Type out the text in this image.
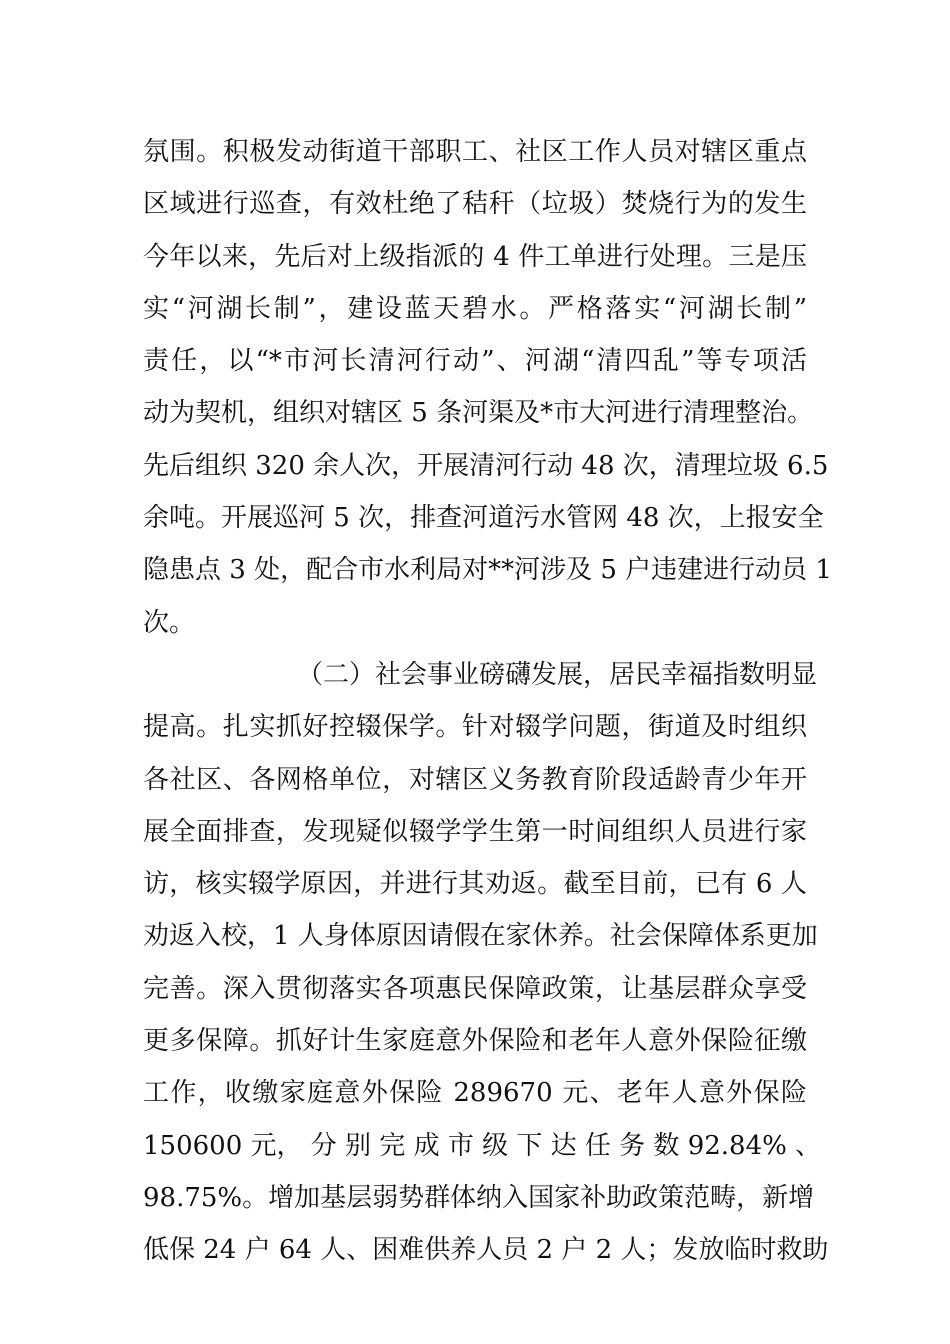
氛围。积极发动街道干部职工、社区工作人员对辖区重点
区域进行巡查，有效杜绝了秸秆（垃圾）焚烧行为的发生
今年以来，先后对上级指派的 4 件工单进行处理。三是压
实“河湖长制”，建设蓝天碧水。严格落实“河湖长制”
责任，以“*市河长清河行动”、河湖“清四乱”等专项活
动为契机，组织对辖区 5 条河渠及*市大河进行清理整治。
先后组织 320 余人次，开展清河行动 48 次，清理垃圾 6.5
余吨。开展巡河 5 次，排查河道污水管网 48 次，上报安全
隐患点 3 处，配合市水利局对**河涉及 5 户违建进行动员 1
次。
（二）社会事业磅礴发展，居民幸福指数明显
提高。扎实抓好控辍保学。针对辍学问题，街道及时组织
各社区、各网格单位，对辖区义务教育阶段适龄青少年开
展全面排查，发现疑似辍学学生第一时间组织人员进行家
访，核实辍学原因，并进行其劝返。截至目前，已有 6 人
劝返入校，1 人身体原因请假在家休养。社会保障体系更加
完善。深入贯彻落实各项惠民保障政策，让基层群众享受
更多保障。抓好计生家庭意外保险和老年人意外保险征缴
工作，收缴家庭意外保险 289670 元、老年人意外保险
150600 元， 分 别 完 成 市 级 下 达 任 务 数 92.84% 、
98.75%。增加基层弱势群体纳入国家补助政策范畴，新增
低保 24 户 64 人、困难供养人员 2 户 2 人；发放临时救助
